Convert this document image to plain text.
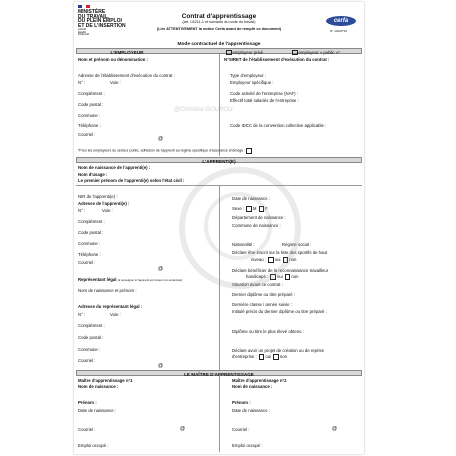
MINISTÈRE
DU TRAVAIL,
DU PLEIN EMPLOI
ET DE L'INSERTION
Liberté
Égalité
Fraternité
Contrat d'apprentissage
(art. L6211-1 et suivants du code du travail)
(Lire ATTENTIVEMENT la notice Cerfa avant de remplir ce document)
cerfa
N° 10103*12
Mode contractuel de l'apprentissage
L'EMPLOYEUR	employeur privé	employeur « public »*
Nom et prénom ou dénomination :
Adresse de l'établissement d'exécution du contrat :
N° :	Voie :
Complément :
Code postal :
Commune :
Téléphone :
Courriel :
@
N°SIRET de l'établissement d'exécution du contrat :
Type d'employeur :
Employeur spécifique :
Code activité de l'entreprise (NAF) :
Effectif total salariés de l'entreprise :
Code IDCC de la convention collective applicable :
*Pour les employeurs du secteur public, adhésion de l'apprenti au régime spécifique d'assurance chômage :
@Christine GOUROU
L'APPRENTI(E)
Nom de naissance de l'apprenti(e) :
Nom d'usage :
Le premier prénom de l'apprenti(e) selon l'état civil :
NIR de l'apprenti(e) :
Adresse de l'apprenti(e) :
N° :	Voie :
Complément :
Code postal :
Commune :
Téléphone :
Courriel :
@
Date de naissance :
Sexe : M F
Département de naissance :
Commune de naissance :
Nationalité :	Régime social :
Déclare être inscrit sur la liste des sportifs de haut
niveau : oui non
Déclare bénéficier de la reconnaissance travailleur
handicapé : oui non
Situation avant ce contrat :
Dernier diplôme ou titre préparé :
Dernière classe / année suivie :
Intitulé précis du dernier diplôme ou titre préparé :
Diplôme ou titre le plus élevé obtenu :
Déclare avoir un projet de création ou de reprise
d'entreprise : oui non
Représentant légal (à renseigner si l'apprenti est mineur non émancipé)
Nom de naissance et prénom :
Adresse du représentant légal :
N° :	Voie :
Complément :
Code postal :
Commune :
Courriel :
@
LE MAÎTRE D'APPRENTISSAGE
Maître d'apprentissage n°1
Nom de naissance :
Prénom :
Date de naissance :
Courriel :	@
Emploi occupé :
Maître d'apprentissage n°2
Nom de naissance :
Prénom :
Date de naissance :
Courriel :	@
Emploi occupé :
